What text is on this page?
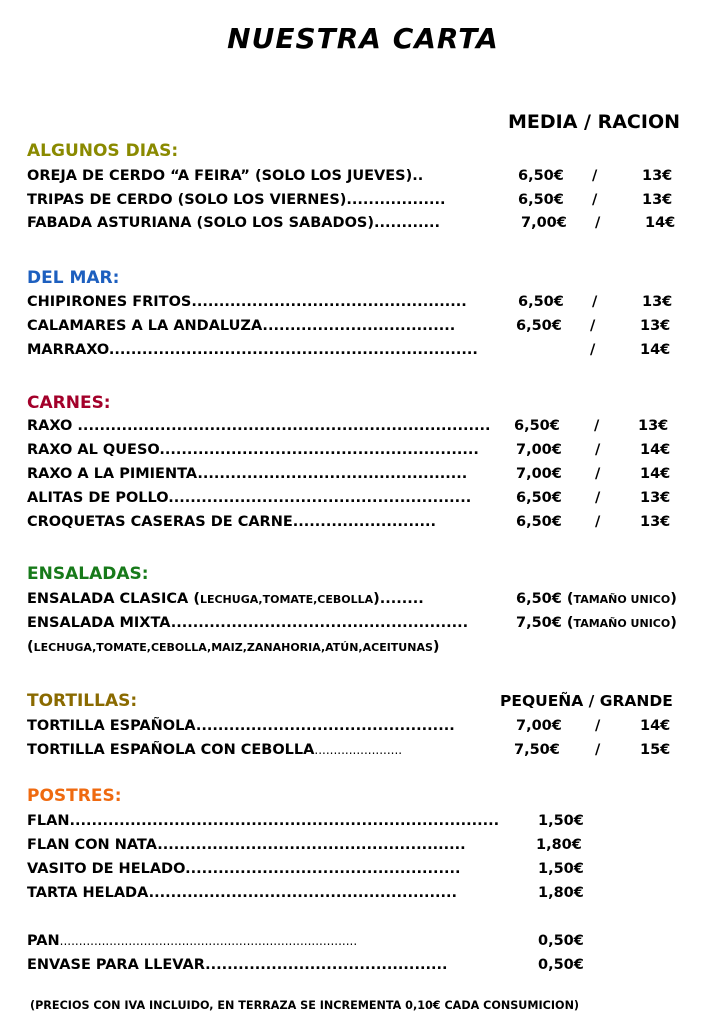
NUESTRA CARTA
MEDIA / RACION
ALGUNOS DIAS:
OREJA DE CERDO “A FEIRA” (SOLO LOS JUEVES)..	6,50€ /	13€
TRIPAS DE CERDO (SOLO LOS VIERNES)..................	6,50€ /	13€
FABADA ASTURIANA (SOLO LOS SABADOS)............	7,00€ /	14€
DEL MAR:
CHIPIRONES FRITOS..................................................	6,50€ /	13€
CALAMARES A LA ANDALUZA...................................	6,50€ /	13€
MARRAXO...................................................................	/	14€
CARNES:
RAXO ........................................................................... 6,50€ /	13€
RAXO AL QUESO..........................................................	7,00€ /	14€
RAXO A LA PIMIENTA.................................................	7,00€ /	14€
ALITAS DE POLLO.......................................................	6,50€ /	13€
CROQUETAS CASERAS DE CARNE..........................	6,50€ /	13€
ENSALADAS:
ENSALADA CLASICA (LECHUGA,TOMATE,CEBOLLA)........	6,50€ (TAMAÑO UNICO)
ENSALADA MIXTA......................................................	7,50€ (TAMAÑO UNICO)
(LECHUGA,TOMATE,CEBOLLA,MAIZ,ZANAHORIA,ATÚN,ACEITUNAS)
TORTILLAS:	PEQUEÑA / GRANDE
TORTILLA ESPAÑOLA...............................................	7,00€ /	14€
TORTILLA ESPAÑOLA CON CEBOLLA.......................	7,50€ /	15€
POSTRES:
FLAN..............................................................................	1,50€
FLAN CON NATA........................................................	1,80€
VASITO DE HELADO..................................................	1,50€
TARTA HELADA........................................................	1,80€
PAN..............................................................................	0,50€
ENVASE PARA LLEVAR............................................	0,50€
(PRECIOS CON IVA INCLUIDO, EN TERRAZA SE INCREMENTA 0,10€ CADA CONSUMICION)
